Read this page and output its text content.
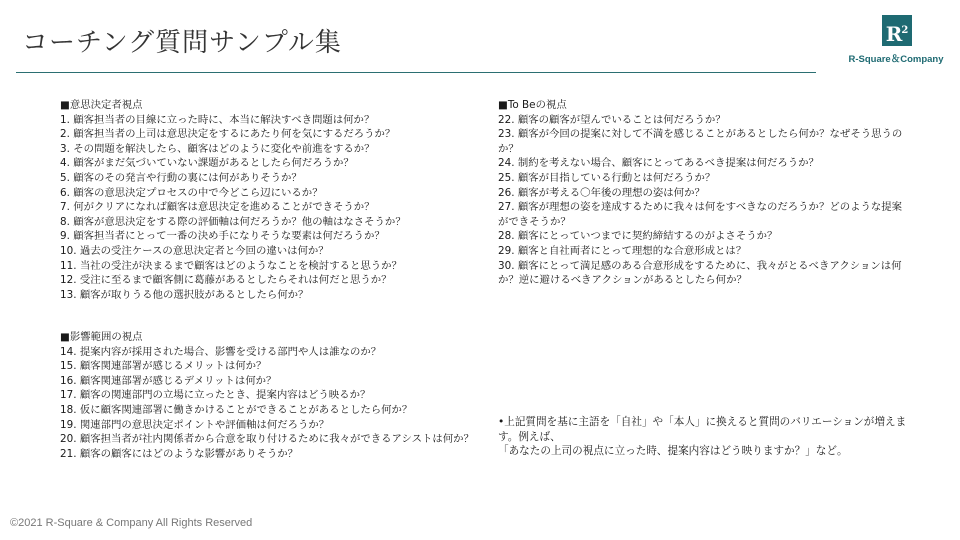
コーチング質問サンプル集	$R^2$
R-Square＆Company
■意思決定者視点
1. 顧客担当者の目線に立った時に、本当に解決すべき問題は何か？
2. 顧客担当者の上司は意思決定をするにあたり何を気にするだろうか？
3. その問題を解決したら、顧客はどのように変化や前進をするか？
4. 顧客がまだ気づいていない課題があるとしたら何だろうか？
5. 顧客のその発言や行動の裏には何がありそうか？
6. 顧客の意思決定プロセスの中で今どこら辺にいるか？
7. 何がクリアになれば顧客は意思決定を進めることができそうか？
8. 顧客が意思決定をする際の評価軸は何だろうか？他の軸はなさそうか？
9. 顧客担当者にとって一番の決め手になりそうな要素は何だろうか？
10. 過去の受注ケースの意思決定者と今回の違いは何か？
11. 当社の受注が決まるまで顧客はどのようなことを検討すると思うか？
12. 受注に至るまで顧客側に葛藤があるとしたらそれは何だと思うか？
13. 顧客が取りうる他の選択肢があるとしたら何か？
■To Beの視点
22. 顧客の顧客が望んでいることは何だろうか？
23. 顧客が今回の提案に対して不満を感じることがあるとしたら何か？なぜそう思うのか？
24. 制約を考えない場合、顧客にとってあるべき提案は何だろうか？
25. 顧客が目指している行動とは何だろうか？
26. 顧客が考える〇年後の理想の姿は何か？
27. 顧客が理想の姿を達成するために我々は何をすべきなのだろうか？どのような提案ができそうか？
28. 顧客にとっていつまでに契約締結するのがよさそうか？
29. 顧客と自社両者にとって理想的な合意形成とは？
30. 顧客にとって満足感のある合意形成をするために、我々がとるべきアクションは何か？逆に避けるべきアクションがあるとしたら何か？
■影響範囲の視点
14. 提案内容が採用された場合、影響を受ける部門や人は誰なのか？
15. 顧客関連部署が感じるメリットは何か？
16. 顧客関連部署が感じるデメリットは何か？
17. 顧客の関連部門の立場に立ったとき、提案内容はどう映るか？
18. 仮に顧客関連部署に働きかけることができることがあるとしたら何か？
19. 関連部門の意思決定ポイントや評価軸は何だろうか？
20. 顧客担当者が社内関係者から合意を取り付けるために我々ができるアシストは何か？
21. 顧客の顧客にはどのような影響がありそうか？
•上記質問を基に主語を「自社」や「本人」に換えると質問のバリエーションが増えます。例えば、
「あなたの上司の視点に立った時、提案内容はどう映りますか？」など。
©2021 R-Square & Company All Rights Reserved
